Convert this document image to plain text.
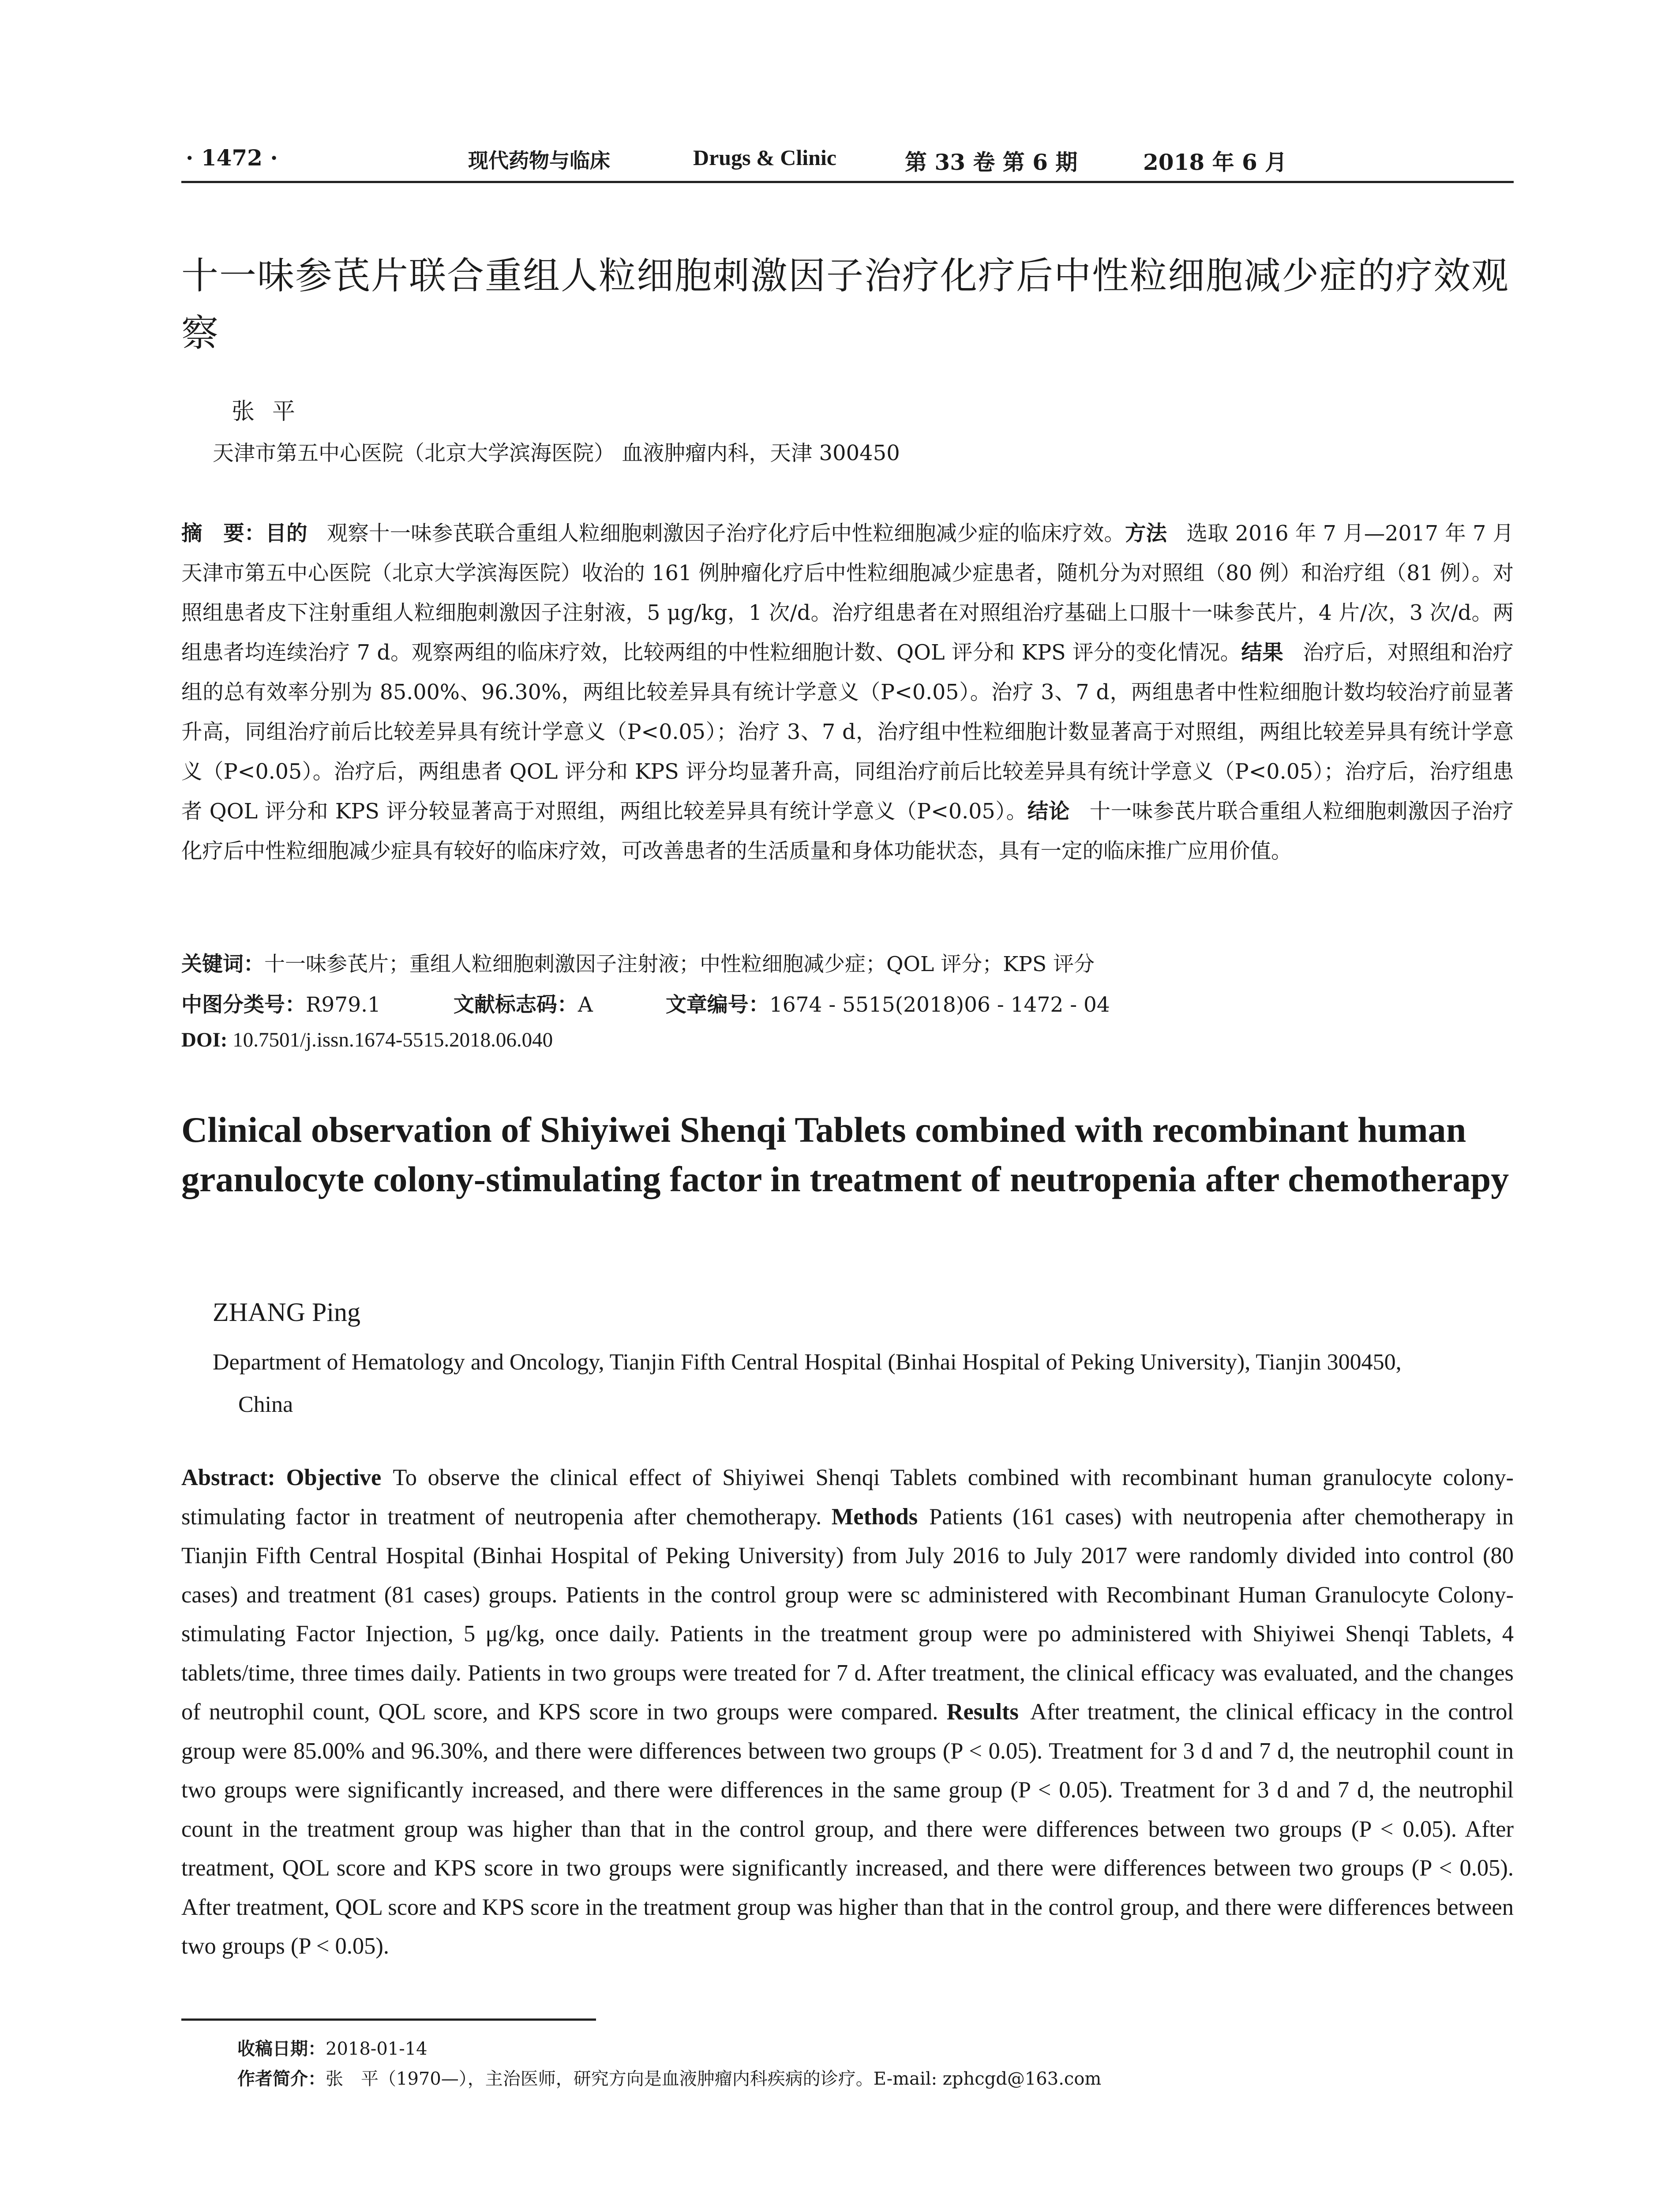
· 1472 ·	现代药物与临床	Drugs & Clinic	第 33 卷 第 6 期	2018 年 6 月
十一味参芪片联合重组人粒细胞刺激因子治疗化疗后中性粒细胞减少症的疗效观察
张平
天津市第五中心医院（北京大学滨海医院） 血液肿瘤内科，天津 300450
摘　要：目的 观察十一味参芪联合重组人粒细胞刺激因子治疗化疗后中性粒细胞减少症的临床疗效。方法 选取 2016 年 7 月—2017 年 7 月天津市第五中心医院（北京大学滨海医院）收治的 161 例肿瘤化疗后中性粒细胞减少症患者，随机分为对照组（80 例）和治疗组（81 例）。对照组患者皮下注射重组人粒细胞刺激因子注射液，5 μg/kg，1 次/d。治疗组患者在对照组治疗基础上口服十一味参芪片，4 片/次，3 次/d。两组患者均连续治疗 7 d。观察两组的临床疗效，比较两组的中性粒细胞计数、QOL 评分和 KPS 评分的变化情况。结果 治疗后，对照组和治疗组的总有效率分别为 85.00%、96.30%，两组比较差异具有统计学意义（P<0.05）。治疗 3、7 d，两组患者中性粒细胞计数均较治疗前显著升高，同组治疗前后比较差异具有统计学意义（P<0.05）；治疗 3、7 d，治疗组中性粒细胞计数显著高于对照组，两组比较差异具有统计学意义（P<0.05）。治疗后，两组患者 QOL 评分和 KPS 评分均显著升高，同组治疗前后比较差异具有统计学意义（P<0.05）；治疗后，治疗组患者 QOL 评分和 KPS 评分较显著高于对照组，两组比较差异具有统计学意义（P<0.05）。结论 十一味参芪片联合重组人粒细胞刺激因子治疗化疗后中性粒细胞减少症具有较好的临床疗效，可改善患者的生活质量和身体功能状态，具有一定的临床推广应用价值。
关键词：十一味参芪片；重组人粒细胞刺激因子注射液；中性粒细胞减少症；QOL 评分；KPS 评分
中图分类号：R979.1	文献标志码：A	文章编号：1674 - 5515(2018)06 - 1472 - 04
DOI: 10.7501/j.issn.1674-5515.2018.06.040
Clinical observation of Shiyiwei Shenqi Tablets combined with recombinant human granulocyte colony-stimulating factor in treatment of neutropenia after chemotherapy
ZHANG Ping
Department of Hematology and Oncology, Tianjin Fifth Central Hospital (Binhai Hospital of Peking University), Tianjin 300450,
China
Abstract: Objective To observe the clinical effect of Shiyiwei Shenqi Tablets combined with recombinant human granulocyte colony-stimulating factor in treatment of neutropenia after chemotherapy. Methods Patients (161 cases) with neutropenia after chemotherapy in Tianjin Fifth Central Hospital (Binhai Hospital of Peking University) from July 2016 to July 2017 were randomly divided into control (80 cases) and treatment (81 cases) groups. Patients in the control group were sc administered with Recombinant Human Granulocyte Colony-stimulating Factor Injection, 5 μg/kg, once daily. Patients in the treatment group were po administered with Shiyiwei Shenqi Tablets, 4 tablets/time, three times daily. Patients in two groups were treated for 7 d. After treatment, the clinical efficacy was evaluated, and the changes of neutrophil count, QOL score, and KPS score in two groups were compared. Results After treatment, the clinical efficacy in the control group were 85.00% and 96.30%, and there were differences between two groups (P < 0.05). Treatment for 3 d and 7 d, the neutrophil count in two groups were significantly increased, and there were differences in the same group (P < 0.05). Treatment for 3 d and 7 d, the neutrophil count in the treatment group was higher than that in the control group, and there were differences between two groups (P < 0.05). After treatment, QOL score and KPS score in two groups were significantly increased, and there were differences between two groups (P < 0.05). After treatment, QOL score and KPS score in the treatment group was higher than that in the control group, and there were differences between two groups (P < 0.05).
收稿日期：2018-01-14
作者简介：张　平（1970—），主治医师，研究方向是血液肿瘤内科疾病的诊疗。E-mail: zphcgd@163.com
